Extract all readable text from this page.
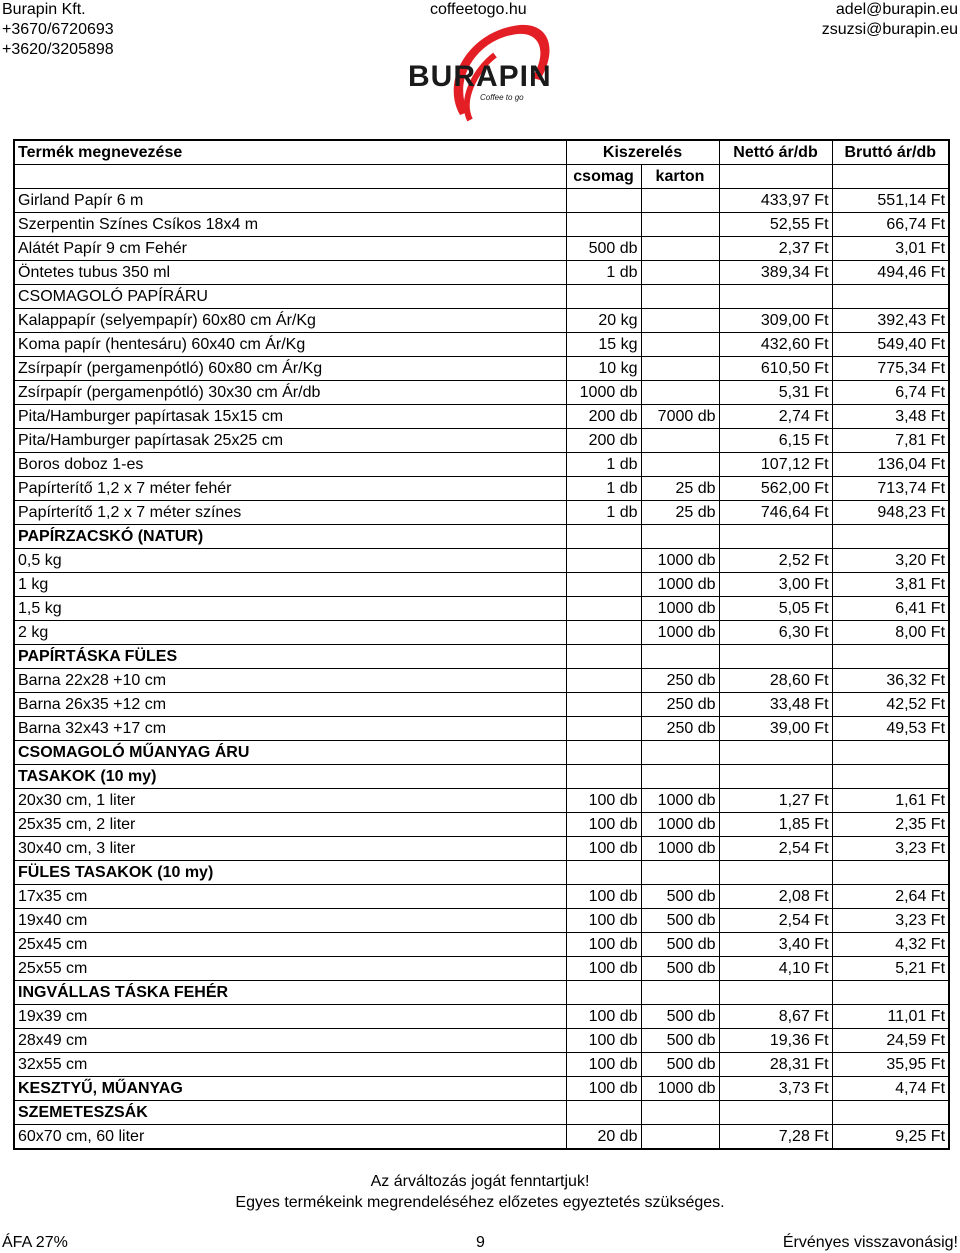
Burapin Kft.
+3670/6720693
+3620/3205898
coffeetogo.hu	adel@burapin.eu
zsuzsi@burapin.eu
BURAPIN
Coffee to go
Termék megnevezése	Kiszerelés		Nettó ár/db	Bruttó ár/db
	csomag	karton		
Girland Papír 6 m			433,97 Ft	551,14 Ft
Szerpentin Színes Csíkos 18x4 m			52,55 Ft	66,74 Ft
Alátét Papír 9 cm Fehér	500 db		2,37 Ft	3,01 Ft
Öntetes tubus 350 ml	1 db		389,34 Ft	494,46 Ft
CSOMAGOLÓ PAPÍRÁRU				
Kalappapír (selyempapír) 60x80 cm Ár/Kg	20 kg		309,00 Ft	392,43 Ft
Koma papír (hentesáru) 60x40 cm Ár/Kg	15 kg		432,60 Ft	549,40 Ft
Zsírpapír (pergamenpótló) 60x80 cm Ár/Kg	10 kg		610,50 Ft	775,34 Ft
Zsírpapír (pergamenpótló) 30x30 cm Ár/db	1000 db		5,31 Ft	6,74 Ft
Pita/Hamburger papírtasak 15x15 cm	200 db	7000 db	2,74 Ft	3,48 Ft
Pita/Hamburger papírtasak 25x25 cm	200 db		6,15 Ft	7,81 Ft
Boros doboz 1-es	1 db		107,12 Ft	136,04 Ft
Papírterítő 1,2 x 7 méter fehér	1 db	25 db	562,00 Ft	713,74 Ft
Papírterítő 1,2 x 7 méter színes	1 db	25 db	746,64 Ft	948,23 Ft
PAPÍRZACSKÓ (NATUR)				
0,5 kg		1000 db	2,52 Ft	3,20 Ft
1 kg		1000 db	3,00 Ft	3,81 Ft
1,5 kg		1000 db	5,05 Ft	6,41 Ft
2 kg		1000 db	6,30 Ft	8,00 Ft
PAPÍRTÁSKA FÜLES				
Barna 22x28 +10 cm		250 db	28,60 Ft	36,32 Ft
Barna 26x35 +12 cm		250 db	33,48 Ft	42,52 Ft
Barna 32x43 +17 cm		250 db	39,00 Ft	49,53 Ft
CSOMAGOLÓ MŰANYAG ÁRU				
TASAKOK (10 my)				
20x30 cm, 1 liter	100 db	1000 db	1,27 Ft	1,61 Ft
25x35 cm, 2 liter	100 db	1000 db	1,85 Ft	2,35 Ft
30x40 cm, 3 liter	100 db	1000 db	2,54 Ft	3,23 Ft
FÜLES TASAKOK (10 my)				
17x35 cm	100 db	500 db	2,08 Ft	2,64 Ft
19x40 cm	100 db	500 db	2,54 Ft	3,23 Ft
25x45 cm	100 db	500 db	3,40 Ft	4,32 Ft
25x55 cm	100 db	500 db	4,10 Ft	5,21 Ft
INGVÁLLAS TÁSKA FEHÉR				
19x39 cm	100 db	500 db	8,67 Ft	11,01 Ft
28x49 cm	100 db	500 db	19,36 Ft	24,59 Ft
32x55 cm	100 db	500 db	28,31 Ft	35,95 Ft
KESZTYŰ, MŰANYAG	100 db	1000 db	3,73 Ft	4,74 Ft
SZEMETESZSÁK				
60x70 cm, 60 liter	20 db		7,28 Ft	9,25 Ft
Az árváltozás jogát fenntartjuk!
Egyes termékeink megrendeléséhez előzetes egyeztetés szükséges.
ÁFA 27%	9	Érvényes visszavonásig!
